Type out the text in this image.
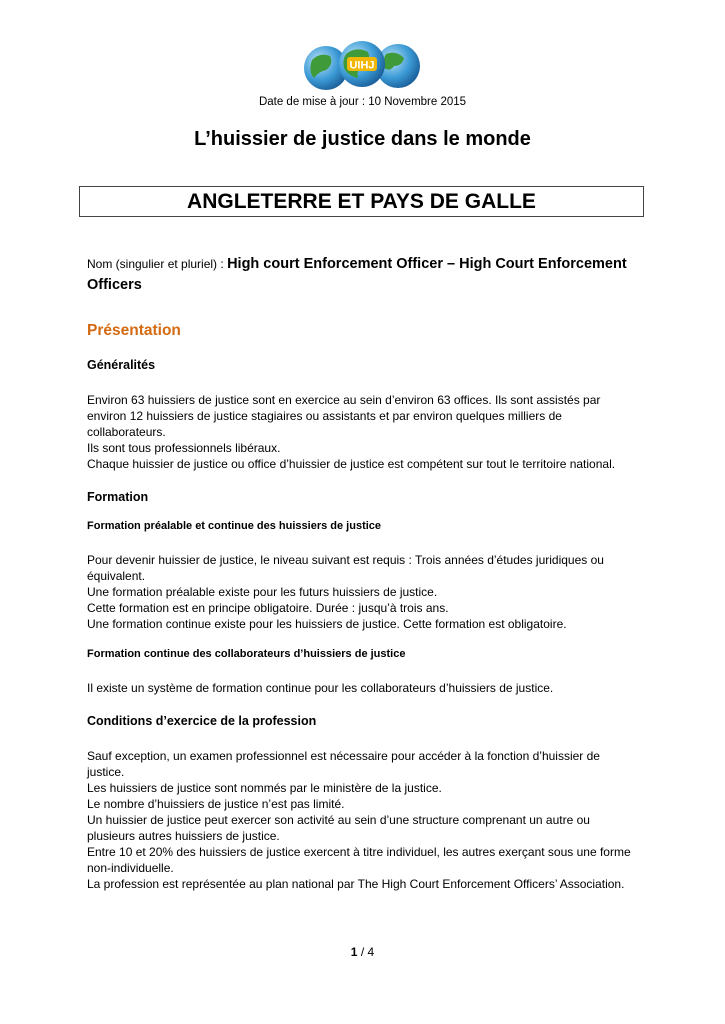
UIHJ
Date de mise à jour : 10 Novembre 2015
L’huissier de justice dans le monde
ANGLETERRE ET PAYS DE GALLE

Nom (singulier et pluriel) : High court Enforcement Officer – High Court Enforcement Officers

Présentation
Généralités

Environ 63 huissiers de justice sont en exercice au sein d’environ 63 offices. Ils sont assistés par environ 12 huissiers de justice stagiaires ou assistants et par environ quelques milliers de collaborateurs.
Ils sont tous professionnels libéraux.
Chaque huissier de justice ou office d’huissier de justice est compétent sur tout le territoire national.

Formation
Formation préalable et continue des huissiers de justice

Pour devenir huissier de justice, le niveau suivant est requis : Trois années d’études juridiques ou équivalent.
Une formation préalable existe pour les futurs huissiers de justice.
Cette formation est en principe obligatoire. Durée : jusqu’à trois ans.
Une formation continue existe pour les huissiers de justice. Cette formation est obligatoire.

Formation continue des collaborateurs d’huissiers de justice

Il existe un système de formation continue pour les collaborateurs d’huissiers de justice.

Conditions d’exercice de la profession

Sauf exception, un examen professionnel est nécessaire pour accéder à la fonction d’huissier de justice.
Les huissiers de justice sont nommés par le ministère de la justice.
Le nombre d’huissiers de justice n’est pas limité.
Un huissier de justice peut exercer son activité au sein d’une structure comprenant un autre ou plusieurs autres huissiers de justice.
Entre 10 et 20% des huissiers de justice exercent à titre individuel, les autres exerçant sous une forme non-individuelle.
La profession est représentée au plan national par The High Court Enforcement Officers’ Association.

1 / 4
